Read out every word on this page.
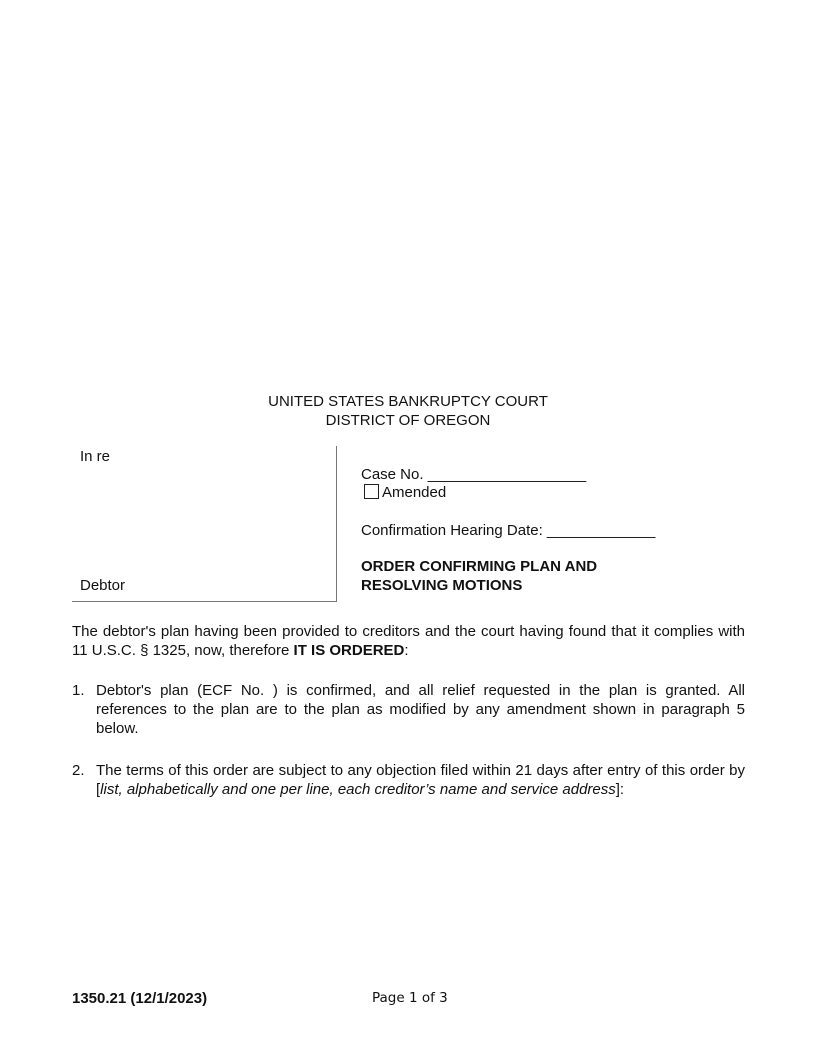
UNITED STATES BANKRUPTCY COURT
DISTRICT OF OREGON
In re
Debtor
Case No. ___________________
Amended
Confirmation Hearing Date: _____________
ORDER CONFIRMING PLAN AND
RESOLVING MOTIONS
The debtor's plan having been provided to creditors and the court having found that it complies with 11 U.S.C. § 1325, now, therefore IT IS ORDERED:
1. Debtor's plan (ECF No. ) is confirmed, and all relief requested in the plan is granted. All references to the plan are to the plan as modified by any amendment shown in paragraph 5 below.
2. The terms of this order are subject to any objection filed within 21 days after entry of this order by [list, alphabetically and one per line, each creditor’s name and service address]:
1350.21 (12/1/2023)	Page 1 of 3
